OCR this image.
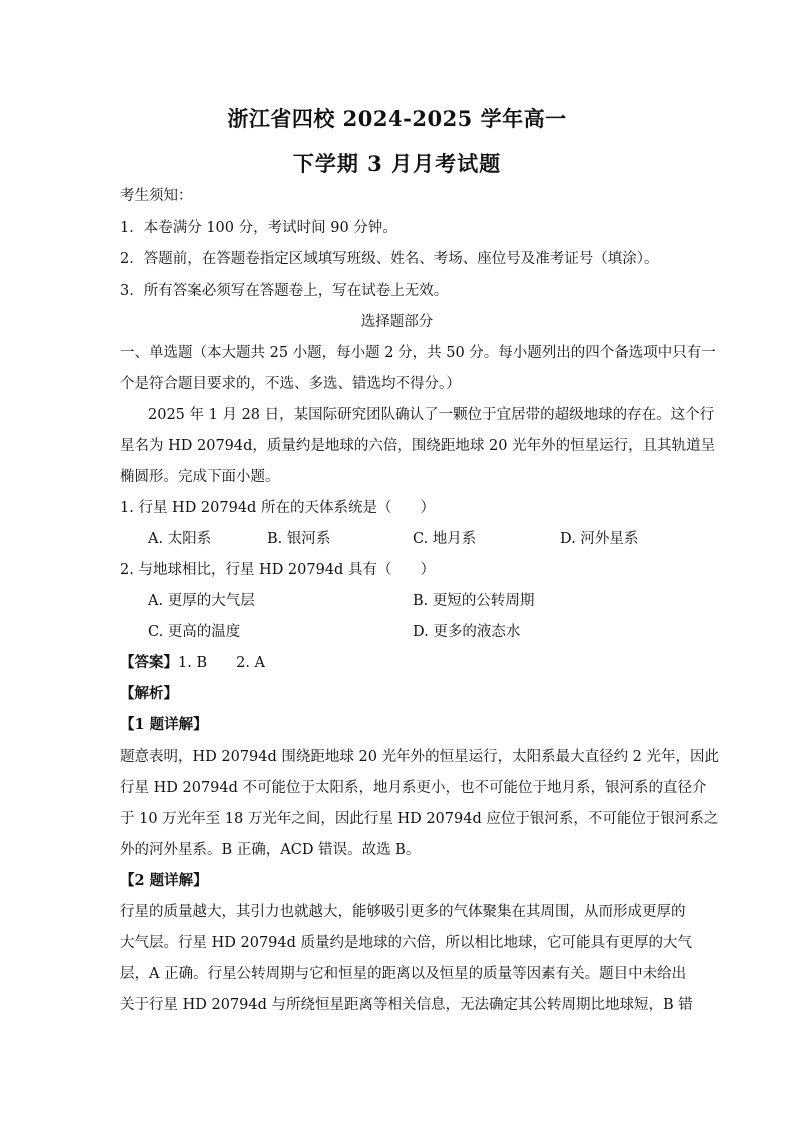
浙江省四校 2024-2025 学年高一
下学期 3 月月考试题
考生须知：
1．本卷满分 100 分，考试时间 90 分钟。
2．答题前，在答题卷指定区域填写班级、姓名、考场、座位号及准考证号（填涂）。
3．所有答案必须写在答题卷上，写在试卷上无效。
选择题部分
一、单选题（本大题共 25 小题，每小题 2 分，共 50 分。每小题列出的四个备选项中只有一
个是符合题目要求的，不选、多选、错选均不得分。）
2025 年 1 月 28 日，某国际研究团队确认了一颗位于宜居带的超级地球的存在。这个行
星名为 HD 20794d，质量约是地球的六倍，围绕距地球 20 光年外的恒星运行，且其轨道呈
椭圆形。完成下面小题。
1. 行星 HD 20794d 所在的天体系统是（　　）
A. 太阳系	B. 银河系	C. 地月系	D. 河外星系
2. 与地球相比，行星 HD 20794d 具有（　　）
A. 更厚的大气层	B. 更短的公转周期
C. 更高的温度	D. 更多的液态水
【答案】1. B　　2. A
【解析】
【1 题详解】
题意表明，HD 20794d 围绕距地球 20 光年外的恒星运行，太阳系最大直径约 2 光年，因此
行星 HD 20794d 不可能位于太阳系，地月系更小，也不可能位于地月系，银河系的直径介
于 10 万光年至 18 万光年之间，因此行星 HD 20794d 应位于银河系，不可能位于银河系之
外的河外星系。B 正确，ACD 错误。故选 B。
【2 题详解】
行星的质量越大，其引力也就越大，能够吸引更多的气体聚集在其周围，从而形成更厚的
大气层。行星 HD 20794d 质量约是地球的六倍，所以相比地球，它可能具有更厚的大气
层，A 正确。行星公转周期与它和恒星的距离以及恒星的质量等因素有关。题目中未给出
关于行星 HD 20794d 与所绕恒星距离等相关信息，无法确定其公转周期比地球短，B 错
